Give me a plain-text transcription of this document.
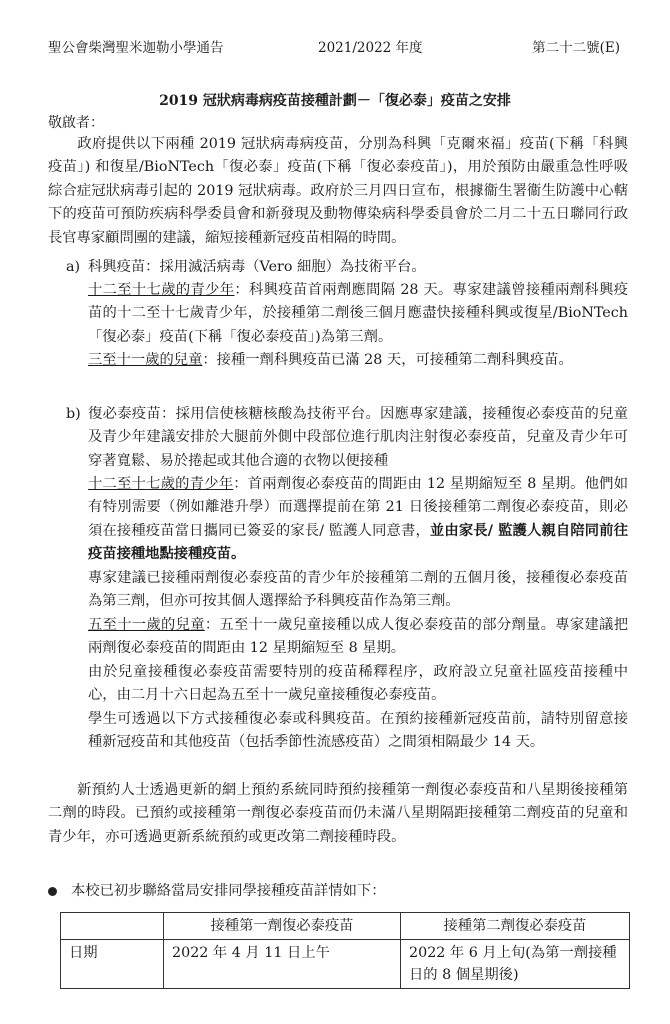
聖公會柴灣聖米迦勒小學通告	2021/2022 年度	第二十二號(E)
2019 冠狀病毒病疫苗接種計劃－「復必泰」疫苗之安排
敬啟者：
　　政府提供以下兩種 2019 冠狀病毒病疫苗，分別為科興「克爾來福」疫苗(下稱「科興疫苗」) 和復星/BioNTech「復必泰」疫苗(下稱「復必泰疫苗」)，用於預防由嚴重急性呼吸綜合症冠狀病毒引起的 2019 冠狀病毒。政府於三月四日宣布，根據衞生署衞生防護中心轄下的疫苗可預防疾病科學委員會和新發現及動物傳染病科學委員會於二月二十五日聯同行政長官專家顧問團的建議，縮短接種新冠疫苗相隔的時間。
a) 科興疫苗：採用滅活病毒（Vero 細胞）為技術平台。
十二至十七歲的青少年：科興疫苗首兩劑應間隔 28 天。專家建議曾接種兩劑科興疫苗的十二至十七歲青少年，於接種第二劑後三個月應盡快接種科興或復星/BioNTech「復必泰」疫苗(下稱「復必泰疫苗」)為第三劑。
三至十一歲的兒童：接種一劑科興疫苗已滿 28 天，可接種第二劑科興疫苗。
b) 復必泰疫苗：採用信使核糖核酸為技術平台。因應專家建議，接種復必泰疫苗的兒童及青少年建議安排於大腿前外側中段部位進行肌肉注射復必泰疫苗，兒童及青少年可穿著寬鬆、易於捲起或其他合適的衣物以便接種
十二至十七歲的青少年：首兩劑復必泰疫苗的間距由 12 星期縮短至 8 星期。他們如有特別需要（例如離港升學）而選擇提前在第 21 日後接種第二劑復必泰疫苗，則必須在接種疫苗當日攜同已簽妥的家長/ 監護人同意書，並由家長/ 監護人親自陪同前往疫苗接種地點接種疫苗。
專家建議已接種兩劑復必泰疫苗的青少年於接種第二劑的五個月後，接種復必泰疫苗為第三劑，但亦可按其個人選擇給予科興疫苗作為第三劑。
五至十一歲的兒童：五至十一歲兒童接種以成人復必泰疫苗的部分劑量。專家建議把兩劑復必泰疫苗的間距由 12 星期縮短至 8 星期。
由於兒童接種復必泰疫苗需要特別的疫苗稀釋程序，政府設立兒童社區疫苗接種中心，由二月十六日起為五至十一歲兒童接種復必泰疫苗。
學生可透過以下方式接種復必泰或科興疫苗。在預約接種新冠疫苗前，請特別留意接種新冠疫苗和其他疫苗（包括季節性流感疫苗）之間須相隔最少 14 天。
　　新預約人士透過更新的網上預約系統同時預約接種第一劑復必泰疫苗和八星期後接種第二劑的時段。已預約或接種第一劑復必泰疫苗而仍未滿八星期隔距接種第二劑疫苗的兒童和青少年，亦可透過更新系統預約或更改第二劑接種時段。
本校已初步聯絡當局安排同學接種疫苗詳情如下：
	接種第一劑復必泰疫苗	接種第二劑復必泰疫苗
日期	2022 年 4 月 11 日上午	2022 年 6 月上旬(為第一劑接種日的 8 個星期後)
